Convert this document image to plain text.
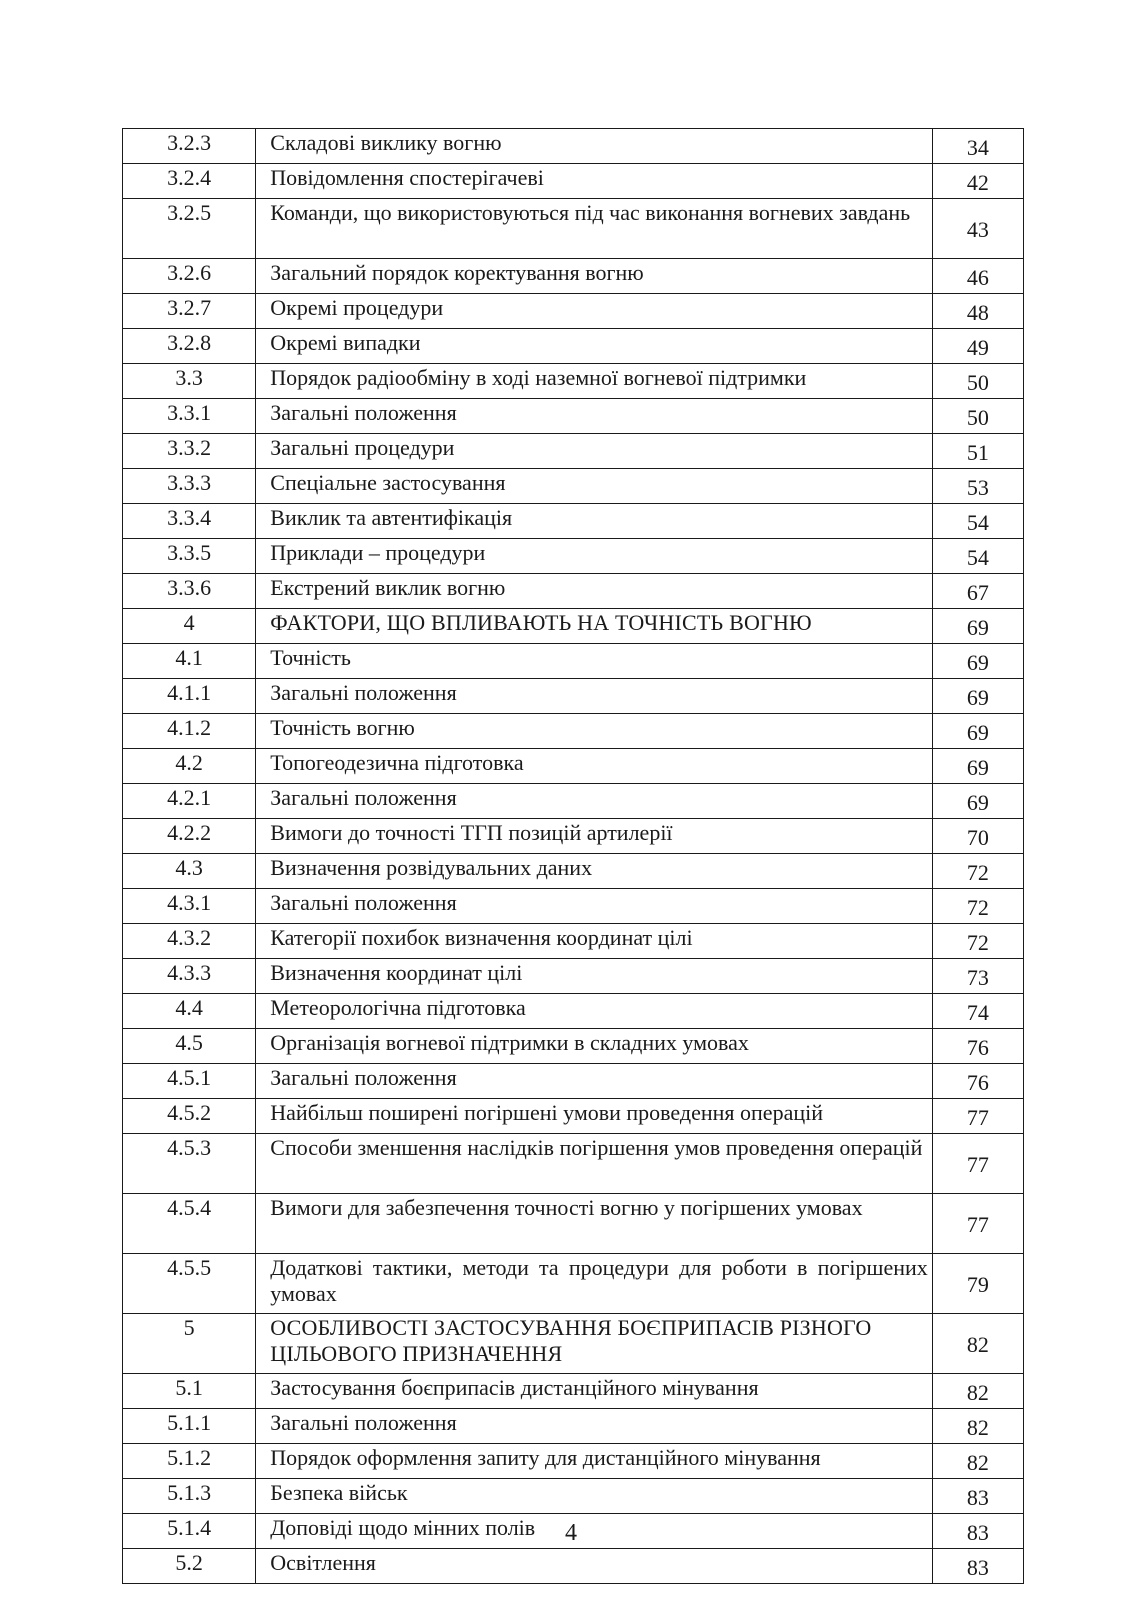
3.2.3	Складові виклику вогню	34
3.2.4	Повідомлення спостерігачеві	42
3.2.5	Команди, що використовуються під час виконання вогневих завдань	43
3.2.6	Загальний порядок коректування вогню	46
3.2.7	Окремі процедури	48
3.2.8	Окремі випадки	49
3.3	Порядок радіообміну в ході наземної вогневої підтримки	50
3.3.1	Загальні положення	50
3.3.2	Загальні процедури	51
3.3.3	Спеціальне застосування	53
3.3.4	Виклик та автентифікація	54
3.3.5	Приклади – процедури	54
3.3.6	Екстрений виклик вогню	67
4	ФАКТОРИ, ЩО ВПЛИВАЮТЬ НА ТОЧНІСТЬ ВОГНЮ	69
4.1	Точність	69
4.1.1	Загальні положення	69
4.1.2	Точність вогню	69
4.2	Топогеодезична підготовка	69
4.2.1	Загальні положення	69
4.2.2	Вимоги до точності ТГП позицій артилерії	70
4.3	Визначення розвідувальних даних	72
4.3.1	Загальні положення	72
4.3.2	Категорії похибок визначення координат цілі	72
4.3.3	Визначення координат цілі	73
4.4	Метеорологічна підготовка	74
4.5	Організація вогневої підтримки в складних умовах	76
4.5.1	Загальні положення	76
4.5.2	Найбільш поширені погіршені умови проведення операцій	77
4.5.3	Способи зменшення наслідків погіршення умов проведення операцій	77
4.5.4	Вимоги для забезпечення точності вогню у погіршених умовах	77
4.5.5	Додаткові тактики, методи та процедури для роботи в погіршених умовах	79
5	ОСОБЛИВОСТІ ЗАСТОСУВАННЯ БОЄПРИПАСІВ РІЗНОГО ЦІЛЬОВОГО ПРИЗНАЧЕННЯ	82
5.1	Застосування боєприпасів дистанційного мінування	82
5.1.1	Загальні положення	82
5.1.2	Порядок оформлення запиту для дистанційного мінування	82
5.1.3	Безпека військ	83
5.1.4	Доповіді щодо мінних полів	83
5.2	Освітлення	83
4
